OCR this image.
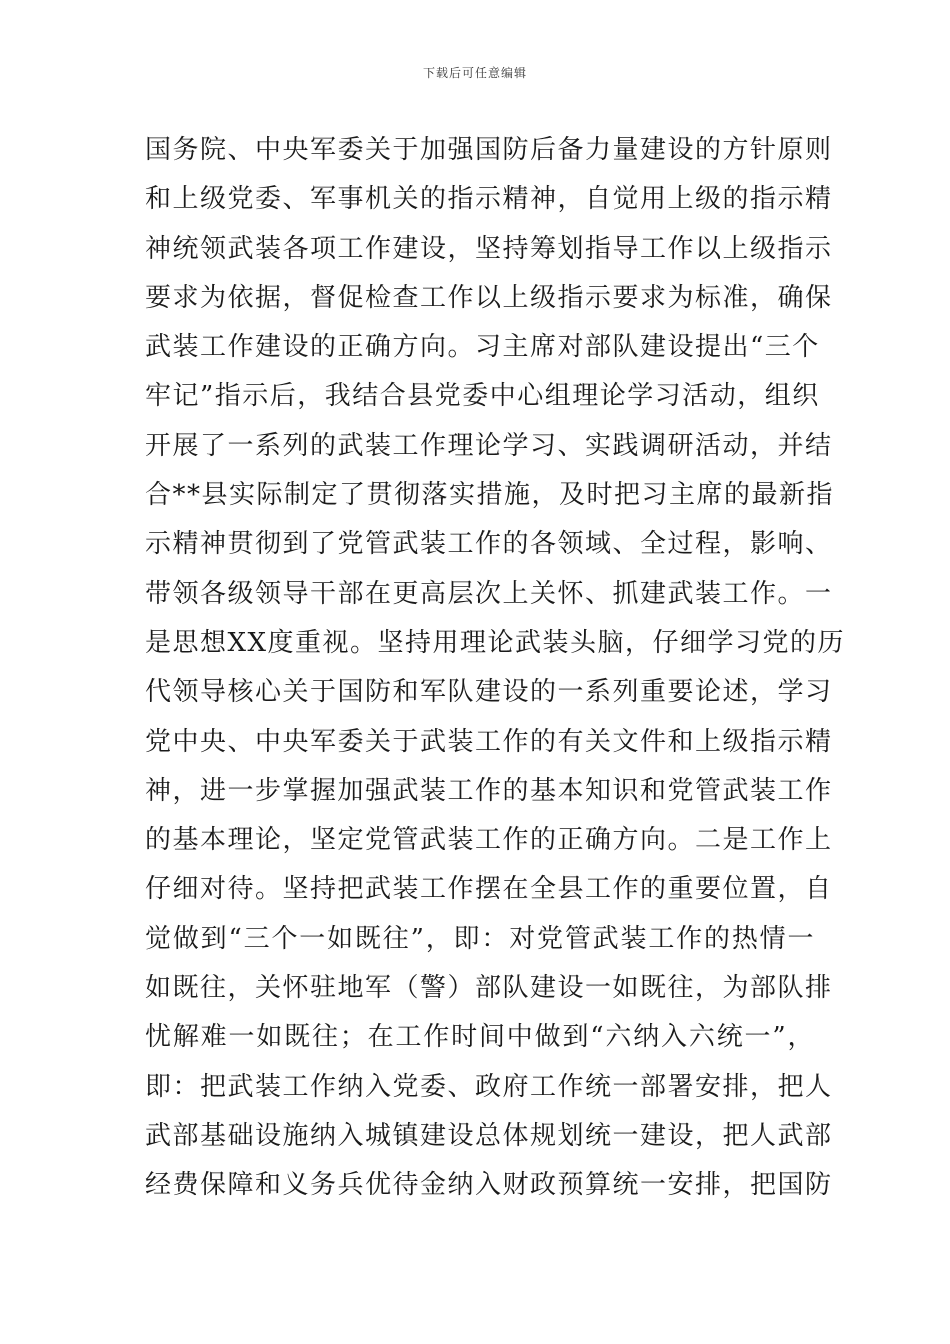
下载后可任意编辑
国务院、中央军委关于加强国防后备力量建设的方针原则
和上级党委、军事机关的指示精神，自觉用上级的指示精
神统领武装各项工作建设，坚持筹划指导工作以上级指示
要求为依据，督促检查工作以上级指示要求为标准，确保
武装工作建设的正确方向。习主席对部队建设提出“三个
牢记”指示后，我结合县党委中心组理论学习活动，组织
开展了一系列的武装工作理论学习、实践调研活动，并结
合**县实际制定了贯彻落实措施，及时把习主席的最新指
示精神贯彻到了党管武装工作的各领域、全过程，影响、
带领各级领导干部在更高层次上关怀、抓建武装工作。一
是思想XX度重视。坚持用理论武装头脑，仔细学习党的历
代领导核心关于国防和军队建设的一系列重要论述，学习
党中央、中央军委关于武装工作的有关文件和上级指示精
神，进一步掌握加强武装工作的基本知识和党管武装工作
的基本理论，坚定党管武装工作的正确方向。二是工作上
仔细对待。坚持把武装工作摆在全县工作的重要位置，自
觉做到“三个一如既往”，即：对党管武装工作的热情一
如既往，关怀驻地军（警）部队建设一如既往，为部队排
忧解难一如既往；在工作时间中做到“六纳入六统一”，
即：把武装工作纳入党委、政府工作统一部署安排，把人
武部基础设施纳入城镇建设总体规划统一建设，把人武部
经费保障和义务兵优待金纳入财政预算统一安排，把国防
